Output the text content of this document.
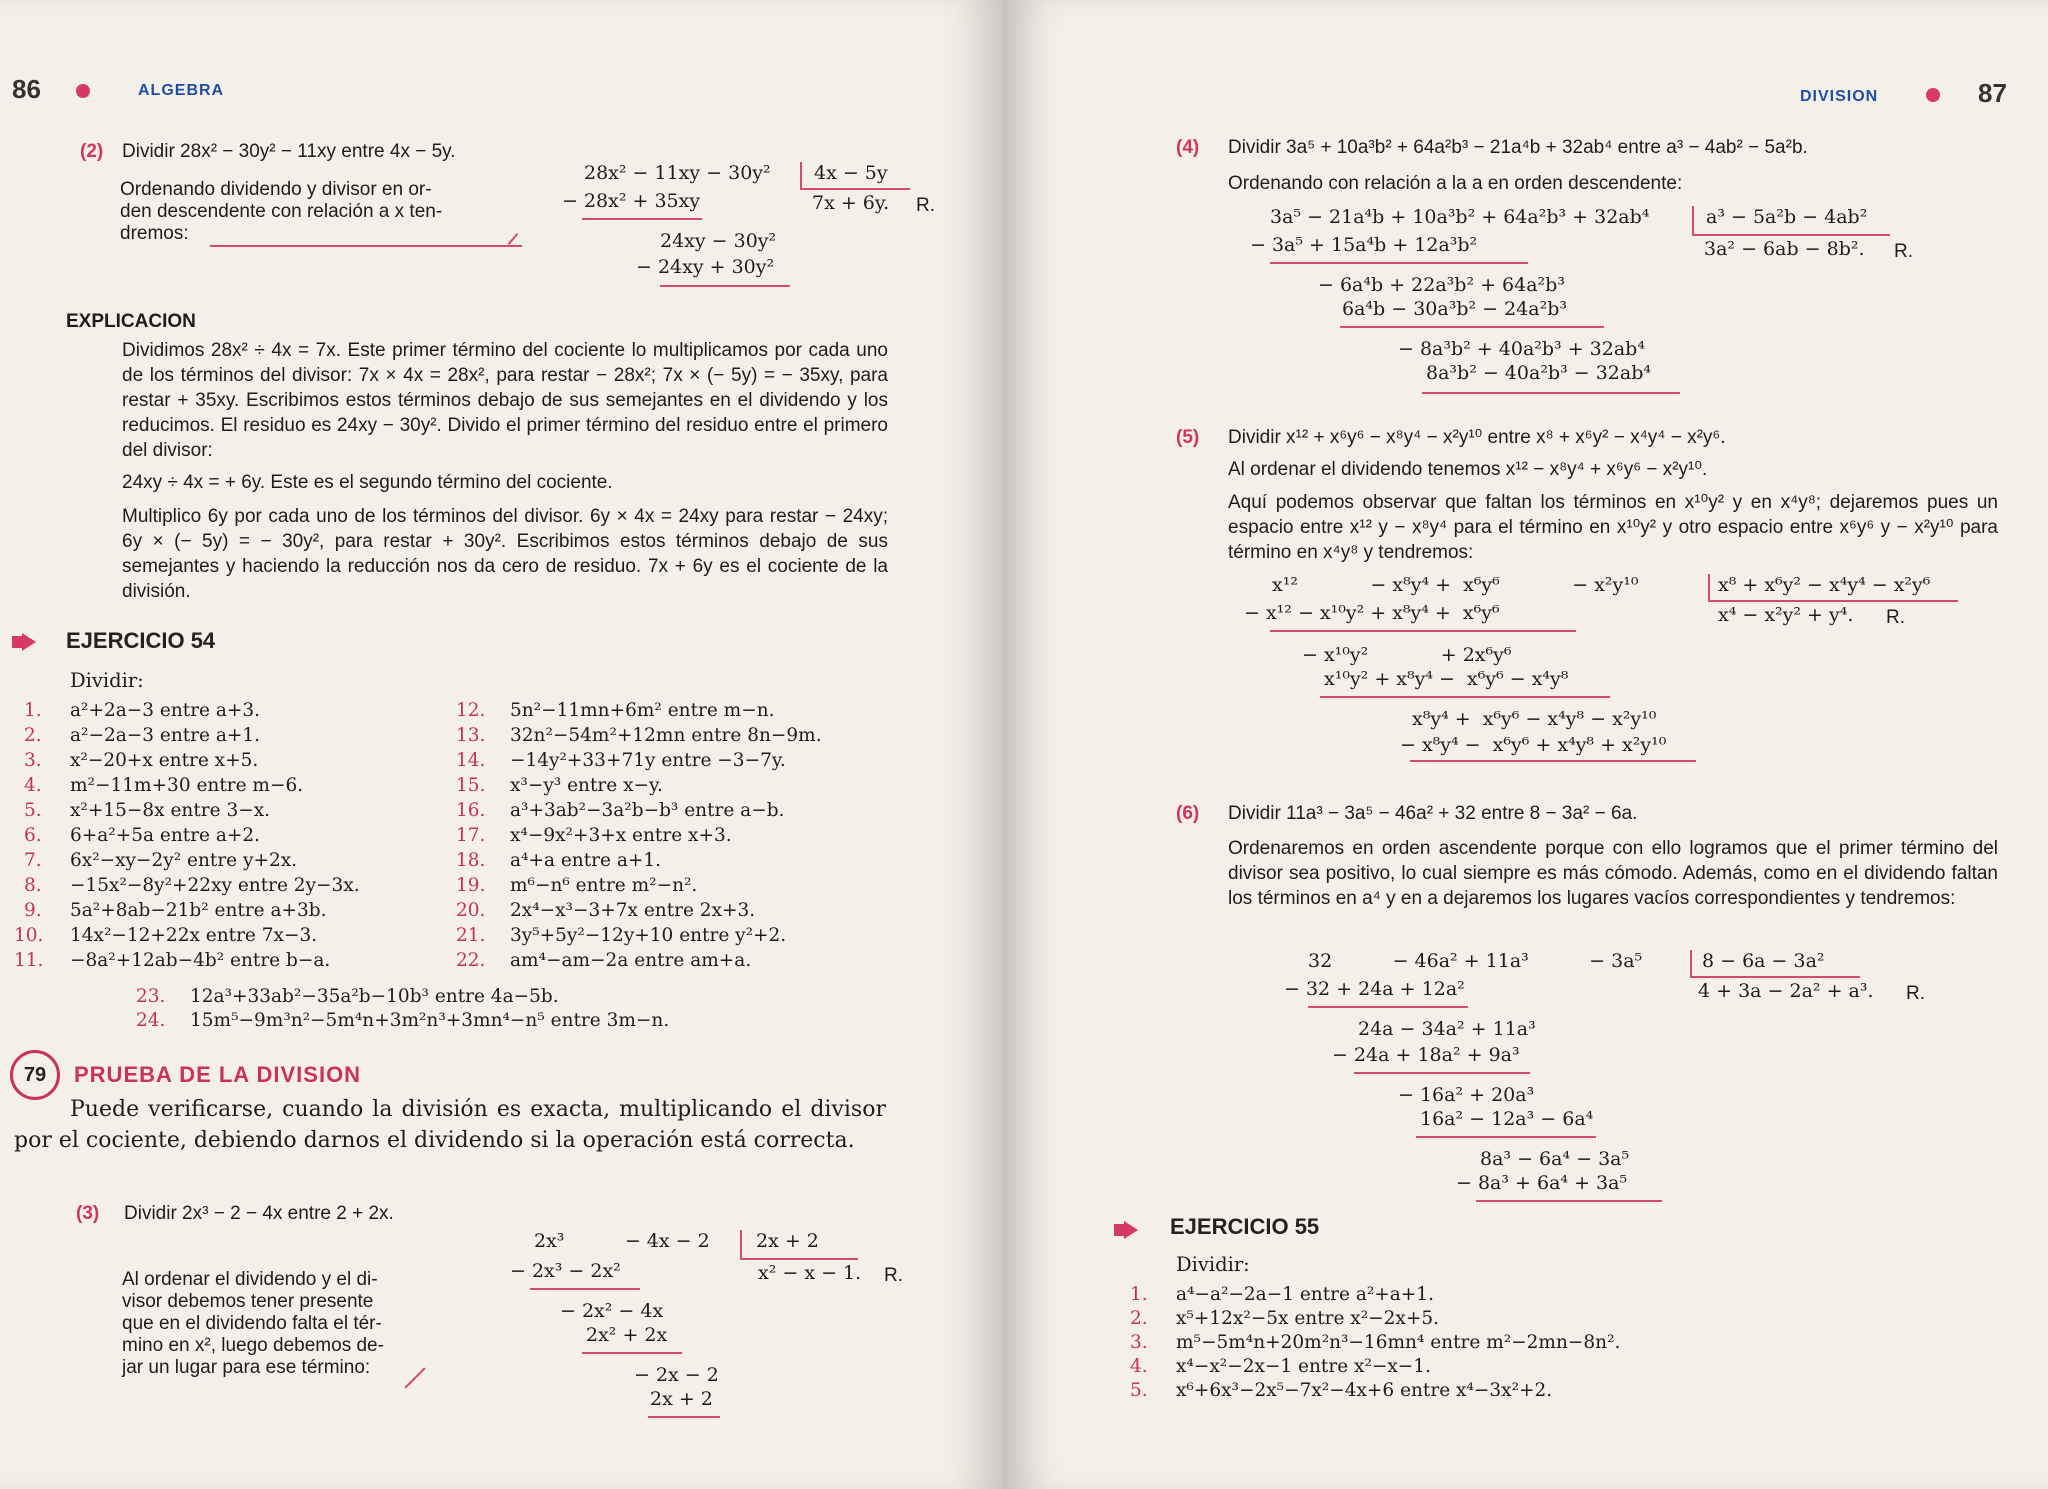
86	ALGEBRA
(2) Dividir 28x² − 30y² − 11xy entre 4x − 5y.
Ordenando dividendo y divisor en or-
den descendente con relación a x ten-
dremos:
28x² − 11xy − 30y²
− 28x² + 35xy
24xy − 30y²
− 24xy + 30y²
4x − 5y
7x + 6y. R.
EXPLICACION
Dividimos 28x² ÷ 4x = 7x. Este primer término del cociente lo multiplicamos por cada uno de los términos del divisor: 7x × 4x = 28x², para restar − 28x²; 7x × (− 5y) = − 35xy, para restar + 35xy. Escribimos estos términos debajo de sus semejantes en el dividendo y los reducimos. El residuo es 24xy − 30y². Divido el primer término del residuo entre el primero del divisor:
24xy ÷ 4x = + 6y. Este es el segundo término del cociente.
Multiplico 6y por cada uno de los términos del divisor. 6y × 4x = 24xy para restar − 24xy; 6y × (− 5y) = − 30y², para restar + 30y². Escribimos estos términos debajo de sus semejantes y haciendo la reducción nos da cero de residuo. 7x + 6y es el cociente de la división.
EJERCICIO 54
Dividir:
1. a²+2a−3 entre a+3.
2. a²−2a−3 entre a+1.
3. x²−20+x entre x+5.
4. m²−11m+30 entre m−6.
5. x²+15−8x entre 3−x.
6. 6+a²+5a entre a+2.
7. 6x²−xy−2y² entre y+2x.
8. −15x²−8y²+22xy entre 2y−3x.
9. 5a²+8ab−21b² entre a+3b.
10. 14x²−12+22x entre 7x−3.
11. −8a²+12ab−4b² entre b−a.
12. 5n²−11mn+6m² entre m−n.
13. 32n²−54m²+12mn entre 8n−9m.
14. −14y²+33+71y entre −3−7y.
15. x³−y³ entre x−y.
16. a³+3ab²−3a²b−b³ entre a−b.
17. x⁴−9x²+3+x entre x+3.
18. a⁴+a entre a+1.
19. m⁶−n⁶ entre m²−n².
20. 2x⁴−x³−3+7x entre 2x+3.
21. 3y⁵+5y²−12y+10 entre y²+2.
22. am⁴−am−2a entre am+a.
23. 12a³+33ab²−35a²b−10b³ entre 4a−5b.
24. 15m⁵−9m³n²−5m⁴n+3m²n³+3mn⁴−n⁵ entre 3m−n.
79	PRUEBA DE LA DIVISION
Puede verificarse, cuando la división es exacta, multiplicando el divisor por el cociente, debiendo darnos el dividendo si la operación está correcta.
(3) Dividir 2x³ − 2 − 4x entre 2 + 2x.
Al ordenar el dividendo y el di-
visor debemos tener presente
que en el dividendo falta el tér-
mino en x², luego debemos de-
jar un lugar para ese término:
2x³          − 4x − 2
− 2x³ − 2x²
− 2x² − 4x
2x² + 2x
− 2x − 2
2x + 2
2x + 2
x² − x − 1. R.
DIVISION	87
(4) Dividir 3a⁵ + 10a³b² + 64a²b³ − 21a⁴b + 32ab⁴ entre a³ − 4ab² − 5a²b.
Ordenando con relación a la a en orden descendente:
3a⁵ − 21a⁴b + 10a³b² + 64a²b³ + 32ab⁴
− 3a⁵ + 15a⁴b + 12a³b²
− 6a⁴b + 22a³b² + 64a²b³
6a⁴b − 30a³b² − 24a²b³
− 8a³b² + 40a²b³ + 32ab⁴
8a³b² − 40a²b³ − 32ab⁴
a³ − 5a²b − 4ab²
3a² − 6ab − 8b². R.
(5) Dividir x¹² + x⁶y⁶ − x⁸y⁴ − x²y¹⁰ entre x⁸ + x⁶y² − x⁴y⁴ − x²y⁶.
Al ordenar el dividendo tenemos x¹² − x⁸y⁴ + x⁶y⁶ − x²y¹⁰.
Aquí podemos observar que faltan los términos en x¹⁰y² y en x⁴y⁸; dejaremos pues un espacio entre x¹² y − x⁸y⁴ para el término en x¹⁰y² y otro espacio entre x⁶y⁶ y − x²y¹⁰ para término en x⁴y⁸ y tendremos:
x¹²            − x⁸y⁴ +  x⁶y⁶            − x²y¹⁰
− x¹² − x¹⁰y² + x⁸y⁴ +  x⁶y⁶
− x¹⁰y²            + 2x⁶y⁶
x¹⁰y² + x⁸y⁴ −  x⁶y⁶ − x⁴y⁸
x⁸y⁴ +  x⁶y⁶ − x⁴y⁸ − x²y¹⁰
− x⁸y⁴ −  x⁶y⁶ + x⁴y⁸ + x²y¹⁰
x⁸ + x⁶y² − x⁴y⁴ − x²y⁶
x⁴ − x²y² + y⁴. R.
(6) Dividir 11a³ − 3a⁵ − 46a² + 32 entre 8 − 3a² − 6a.
Ordenaremos en orden ascendente porque con ello logramos que el primer término del divisor sea positivo, lo cual siempre es más cómodo. Además, como en el dividendo faltan los términos en a⁴ y en a dejaremos los lugares vacíos correspondientes y tendremos:
32          − 46a² + 11a³          − 3a⁵
− 32 + 24a + 12a²
24a − 34a² + 11a³
− 24a + 18a² + 9a³
− 16a² + 20a³
16a² − 12a³ − 6a⁴
8a³ − 6a⁴ − 3a⁵
− 8a³ + 6a⁴ + 3a⁵
8 − 6a − 3a²
4 + 3a − 2a² + a³. R.
EJERCICIO 55
Dividir:
1. a⁴−a²−2a−1 entre a²+a+1.
2. x⁵+12x²−5x entre x²−2x+5.
3. m⁵−5m⁴n+20m²n³−16mn⁴ entre m²−2mn−8n².
4. x⁴−x²−2x−1 entre x²−x−1.
5. x⁶+6x³−2x⁵−7x²−4x+6 entre x⁴−3x²+2.
